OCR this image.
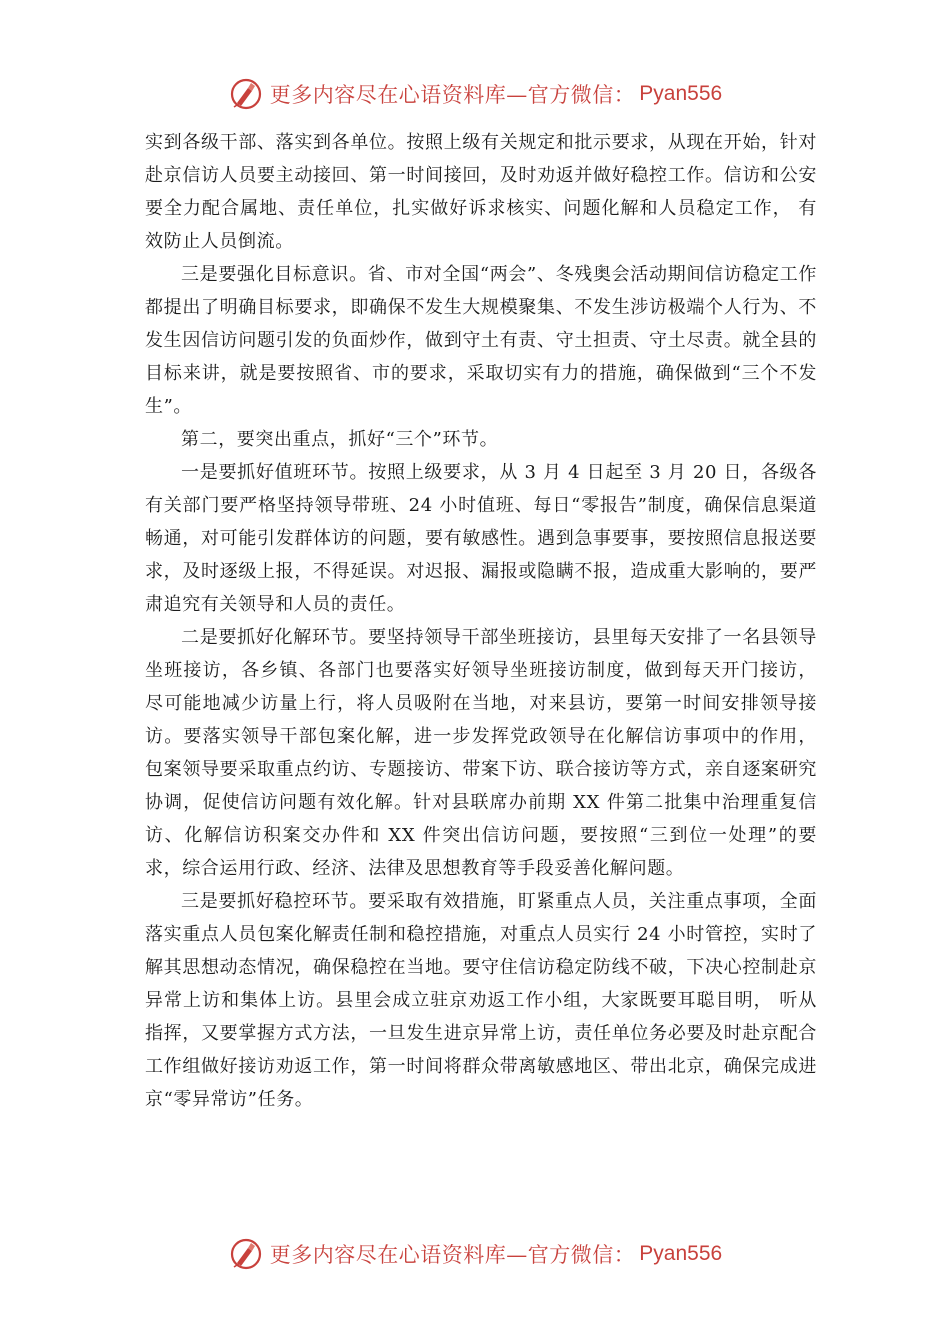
更多内容尽在心语资料库—官方微信： Pyan556

实到各级干部、落实到各单位。按照上级有关规定和批示要求，从现在开始，针对赴京信访人员要主动接回、第一时间接回，及时劝返并做好稳控工作。信访和公安要全力配合属地、责任单位，扎实做好诉求核实、问题化解和人员稳定工作， 有效防止人员倒流。

三是要强化目标意识。省、市对全国“两会”、冬残奥会活动期间信访稳定工作都提出了明确目标要求，即确保不发生大规模聚集、不发生涉访极端个人行为、不发生因信访问题引发的负面炒作，做到守土有责、守土担责、守土尽责。就全县的目标来讲，就是要按照省、市的要求，采取切实有力的措施，确保做到“三个不发生”。

第二，要突出重点，抓好“三个”环节。

一是要抓好值班环节。按照上级要求，从 3 月 4 日起至 3 月 20 日，各级各有关部门要严格坚持领导带班、24 小时值班、每日“零报告”制度，确保信息渠道畅通，对可能引发群体访的问题，要有敏感性。遇到急事要事，要按照信息报送要求，及时逐级上报，不得延误。对迟报、漏报或隐瞒不报，造成重大影响的，要严肃追究有关领导和人员的责任。

二是要抓好化解环节。要坚持领导干部坐班接访，县里每天安排了一名县领导坐班接访，各乡镇、各部门也要落实好领导坐班接访制度，做到每天开门接访， 尽可能地减少访量上行，将人员吸附在当地，对来县访，要第一时间安排领导接访。要落实领导干部包案化解，进一步发挥党政领导在化解信访事项中的作用， 包案领导要采取重点约访、专题接访、带案下访、联合接访等方式，亲自逐案研究协调，促使信访问题有效化解。针对县联席办前期 XX 件第二批集中治理重复信访、化解信访积案交办件和 XX 件突出信访问题，要按照“三到位一处理”的要求，综合运用行政、经济、法律及思想教育等手段妥善化解问题。

三是要抓好稳控环节。要采取有效措施，盯紧重点人员，关注重点事项，全面落实重点人员包案化解责任制和稳控措施，对重点人员实行 24 小时管控，实时了解其思想动态情况，确保稳控在当地。要守住信访稳定防线不破，下决心控制赴京异常上访和集体上访。县里会成立驻京劝返工作小组，大家既要耳聪目明， 听从指挥，又要掌握方式方法，一旦发生进京异常上访，责任单位务必要及时赴京配合工作组做好接访劝返工作，第一时间将群众带离敏感地区、带出北京，确保完成进京“零异常访”任务。

更多内容尽在心语资料库—官方微信： Pyan556
